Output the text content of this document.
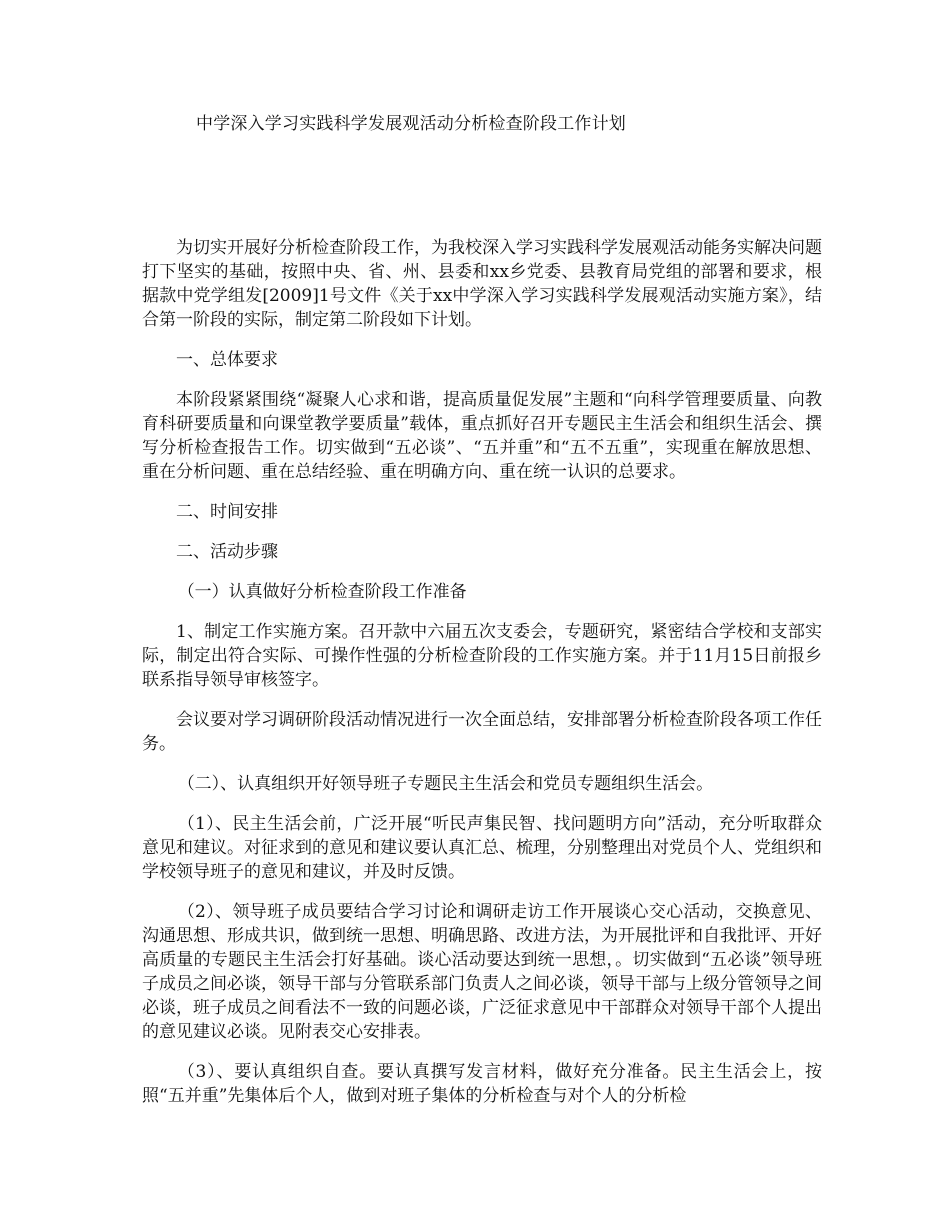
中学深入学习实践科学发展观活动分析检查阶段工作计划

为切实开展好分析检查阶段工作，为我校深入学习实践科学发展观活动能务实解决问题打下坚实的基础，按照中央、省、州、县委和xx乡党委、县教育局党组的部署和要求，根据款中党学组发[2009]1号文件《关于xx中学深入学习实践科学发展观活动实施方案》，结合第一阶段的实际，制定第二阶段如下计划。

一、总体要求

本阶段紧紧围绕“凝聚人心求和谐，提高质量促发展”主题和“向科学管理要质量、向教育科研要质量和向课堂教学要质量”载体，重点抓好召开专题民主生活会和组织生活会、撰写分析检查报告工作。切实做到“五必谈”、“五并重”和“五不五重”，实现重在解放思想、重在分析问题、重在总结经验、重在明确方向、重在统一认识的总要求。

二、时间安排

二、活动步骤

（一）认真做好分析检查阶段工作准备

1、制定工作实施方案。召开款中六届五次支委会，专题研究，紧密结合学校和支部实际，制定出符合实际、可操作性强的分析检查阶段的工作实施方案。并于11月15日前报乡联系指导领导审核签字。

会议要对学习调研阶段活动情况进行一次全面总结，安排部署分析检查阶段各项工作任务。

（二）、认真组织开好领导班子专题民主生活会和党员专题组织生活会。

（1）、民主生活会前，广泛开展“听民声集民智、找问题明方向”活动，充分听取群众意见和建议。对征求到的意见和建议要认真汇总、梳理，分别整理出对党员个人、党组织和学校领导班子的意见和建议，并及时反馈。

（2）、领导班子成员要结合学习讨论和调研走访工作开展谈心交心活动，交换意见、沟通思想、形成共识，做到统一思想、明确思路、改进方法，为开展批评和自我批评、开好高质量的专题民主生活会打好基础。谈心活动要达到统一思想，。切实做到“五必谈”领导班子成员之间必谈，领导干部与分管联系部门负责人之间必谈，领导干部与上级分管领导之间必谈，班子成员之间看法不一致的问题必谈，广泛征求意见中干部群众对领导干部个人提出的意见建议必谈。见附表交心安排表。

（3）、要认真组织自查。要认真撰写发言材料，做好充分准备。民主生活会上，按照“五并重”先集体后个人，做到对班子集体的分析检查与对个人的分析检
